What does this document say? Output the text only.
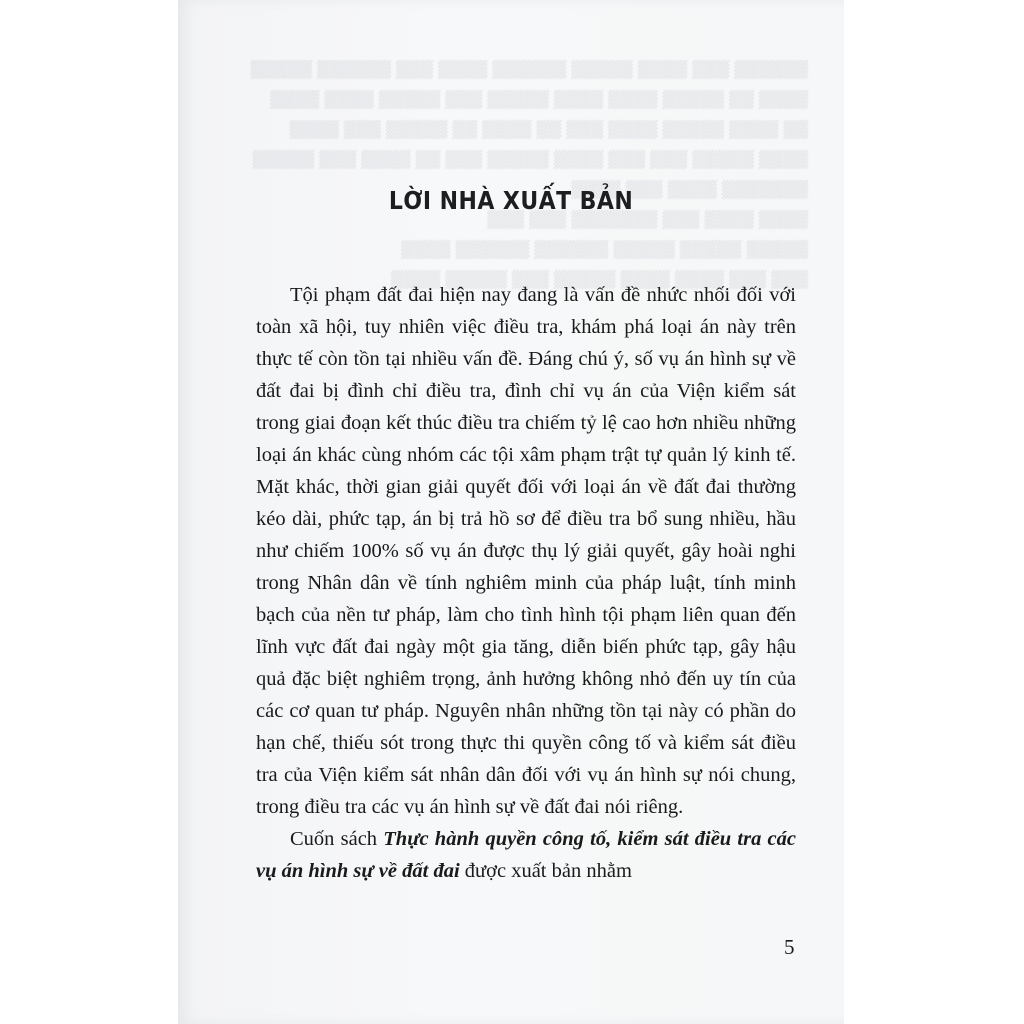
▒▒▒▒▒▒ ▒▒▒ ▒▒▒▒ ▒▒▒▒▒ ▒▒▒▒▒▒ ▒▒▒▒ ▒▒▒ ▒▒▒▒▒▒ ▒▒▒▒▒
▒▒▒▒ ▒▒ ▒▒▒▒▒ ▒▒▒▒ ▒▒▒▒ ▒▒▒▒▒ ▒▒▒ ▒▒▒▒▒ ▒▒▒▒ ▒▒▒▒
▒▒ ▒▒▒▒ ▒▒▒▒▒ ▒▒▒▒ ▒▒▒ ▒▒ ▒▒▒▒ ▒▒ ▒▒▒▒▒ ▒▒▒ ▒▒▒▒
▒▒▒▒ ▒▒▒▒▒ ▒▒▒ ▒▒▒ ▒▒▒▒ ▒▒▒▒▒ ▒▒▒ ▒▒ ▒▒▒▒ ▒▒▒ ▒▒▒▒▒
▒▒▒▒▒▒▒ ▒▒▒▒ ▒▒▒ ▒▒▒▒
▒▒▒▒ ▒▒▒▒ ▒▒▒ ▒▒▒▒▒▒▒ ▒▒▒ ▒▒▒
▒▒▒▒▒ ▒▒▒▒▒ ▒▒▒▒▒ ▒▒▒▒▒▒ ▒▒▒▒▒▒ ▒▒▒▒
▒▒▒ ▒▒▒ ▒▒▒▒ ▒▒▒▒ ▒▒▒▒▒ ▒▒▒ ▒▒▒▒▒ ▒▒▒▒
LỜI NHÀ XUẤT BẢN

Tội phạm đất đai hiện nay đang là vấn đề nhức nhối đối với toàn xã hội, tuy nhiên việc điều tra, khám phá loại án này trên thực tế còn tồn tại nhiều vấn đề. Đáng chú ý, số vụ án hình sự về đất đai bị đình chỉ điều tra, đình chỉ vụ án của Viện kiểm sát trong giai đoạn kết thúc điều tra chiếm tỷ lệ cao hơn nhiều những loại án khác cùng nhóm các tội xâm phạm trật tự quản lý kinh tế. Mặt khác, thời gian giải quyết đối với loại án về đất đai thường kéo dài, phức tạp, án bị trả hồ sơ để điều tra bổ sung nhiều, hầu như chiếm 100% số vụ án được thụ lý giải quyết, gây hoài nghi trong Nhân dân về tính nghiêm minh của pháp luật, tính minh bạch của nền tư pháp, làm cho tình hình tội phạm liên quan đến lĩnh vực đất đai ngày một gia tăng, diễn biến phức tạp, gây hậu quả đặc biệt nghiêm trọng, ảnh hưởng không nhỏ đến uy tín của các cơ quan tư pháp. Nguyên nhân những tồn tại này có phần do hạn chế, thiếu sót trong thực thi quyền công tố và kiểm sát điều tra của Viện kiểm sát nhân dân đối với vụ án hình sự nói chung, trong điều tra các vụ án hình sự về đất đai nói riêng.

Cuốn sách Thực hành quyền công tố, kiểm sát điều tra các vụ án hình sự về đất đai được xuất bản nhằm

5
